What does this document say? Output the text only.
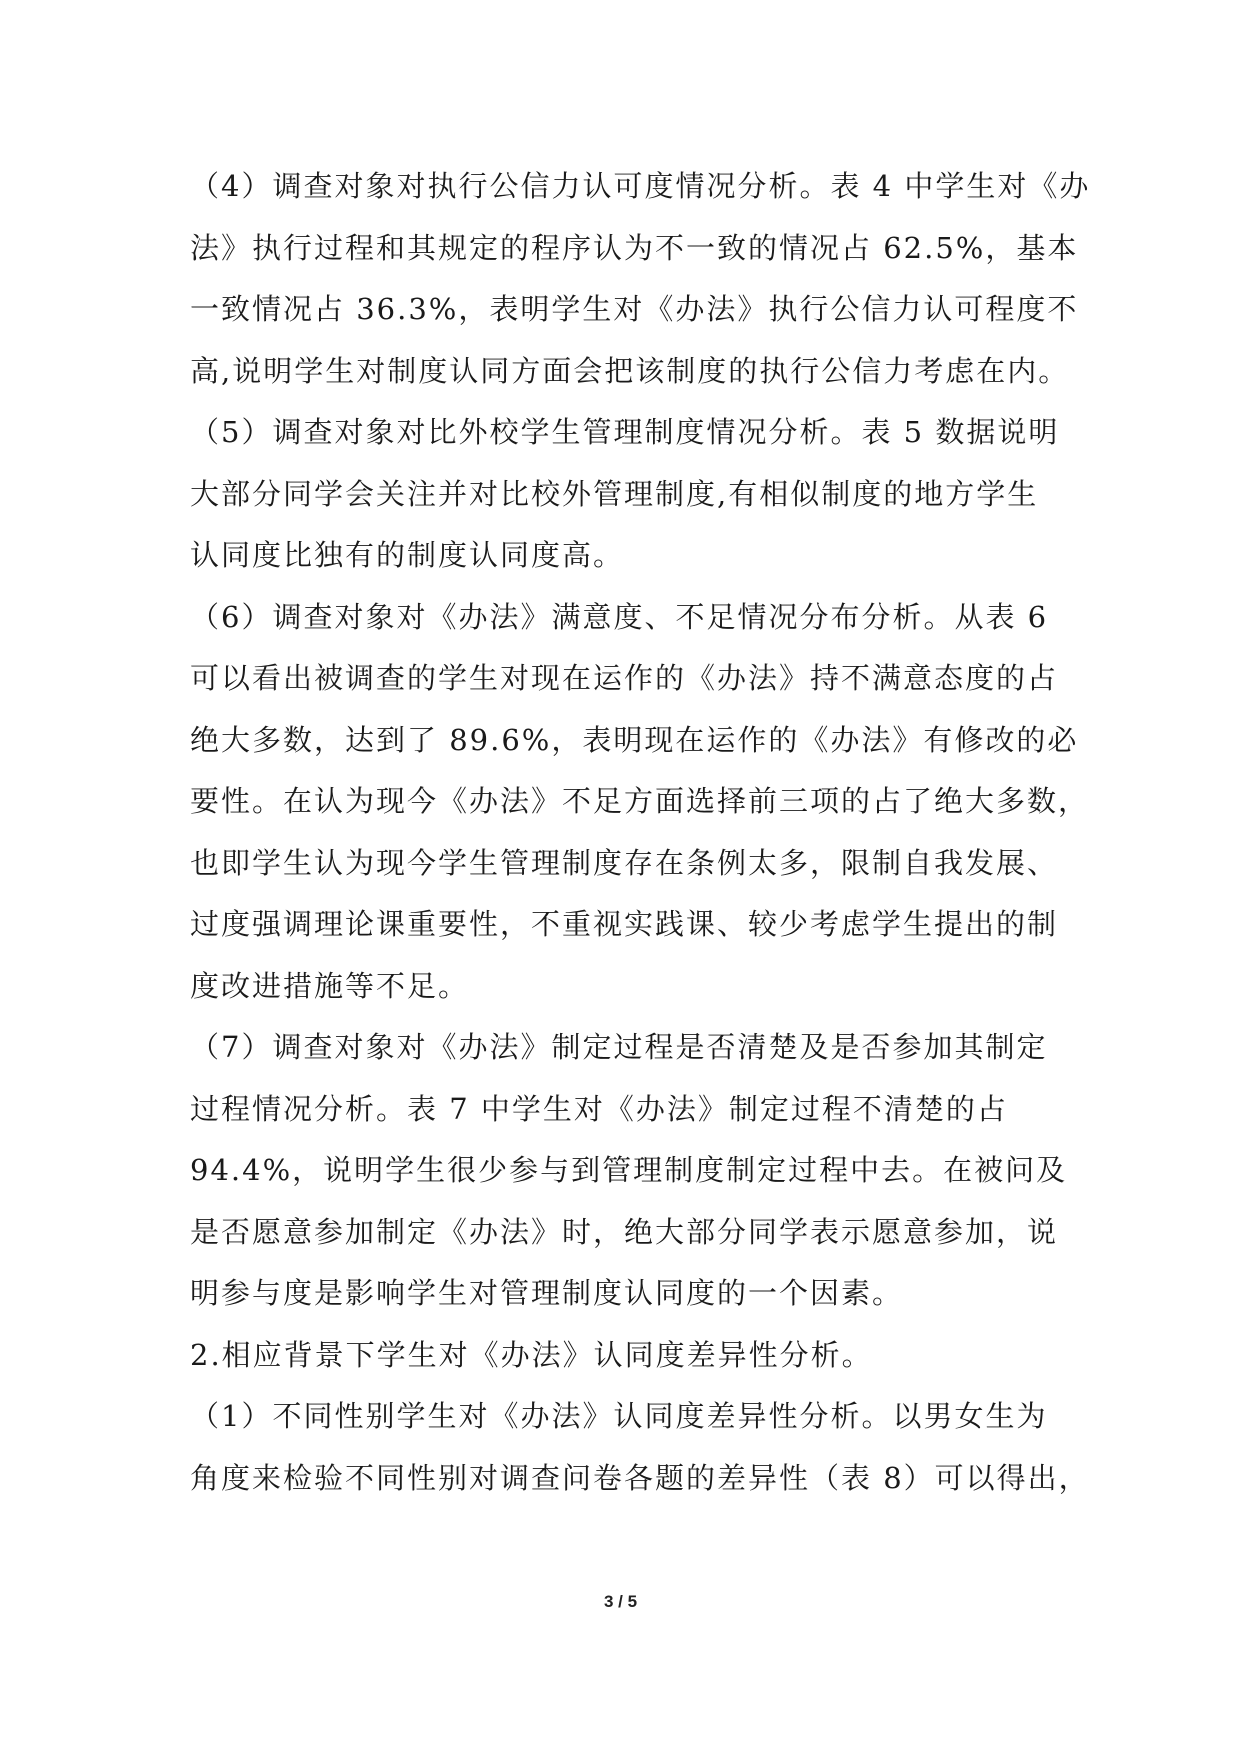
（4）调查对象对执行公信力认可度情况分析。表 4 中学生对《办
法》执行过程和其规定的程序认为不一致的情况占 62.5%，基本
一致情况占 36.3%，表明学生对《办法》执行公信力认可程度不
高,说明学生对制度认同方面会把该制度的执行公信力考虑在内。
（5）调查对象对比外校学生管理制度情况分析。表 5 数据说明
大部分同学会关注并对比校外管理制度,有相似制度的地方学生
认同度比独有的制度认同度高。
（6）调查对象对《办法》满意度、不足情况分布分析。从表 6
可以看出被调查的学生对现在运作的《办法》持不满意态度的占
绝大多数，达到了 89.6%，表明现在运作的《办法》有修改的必
要性。在认为现今《办法》不足方面选择前三项的占了绝大多数，
也即学生认为现今学生管理制度存在条例太多，限制自我发展、
过度强调理论课重要性，不重视实践课、较少考虑学生提出的制
度改进措施等不足。
（7）调查对象对《办法》制定过程是否清楚及是否参加其制定
过程情况分析。表 7 中学生对《办法》制定过程不清楚的占
94.4%，说明学生很少参与到管理制度制定过程中去。在被问及
是否愿意参加制定《办法》时，绝大部分同学表示愿意参加，说
明参与度是影响学生对管理制度认同度的一个因素。
2.相应背景下学生对《办法》认同度差异性分析。
（1）不同性别学生对《办法》认同度差异性分析。以男女生为
角度来检验不同性别对调查问卷各题的差异性（表 8）可以得出，
3 / 5
